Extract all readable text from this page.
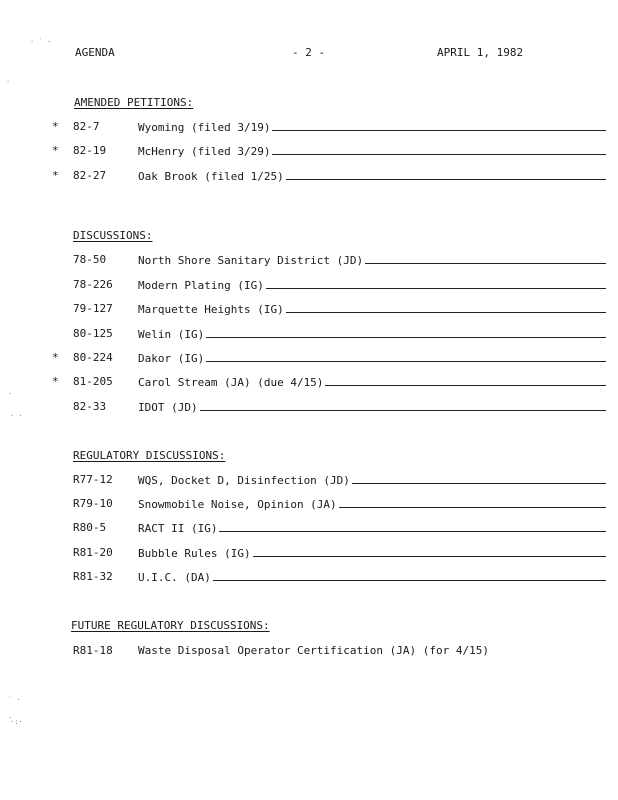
· ˙ ·
·
·
. .
˙ ·
.
·:·
AGENDA	- 2 -	APRIL 1, 1982
AMENDED PETITIONS:
* 82-7	Wyoming (filed 3/19)
* 82-19	McHenry (filed 3/29)
* 82-27	Oak Brook (filed 1/25)
DISCUSSIONS:
78-50	North Shore Sanitary District (JD)
78-226 Modern Plating (IG)
79-127 Marquette Heights (IG)
80-125 Welin (IG)
* 80-224 Dakor (IG)
* 81-205 Carol Stream (JA) (due 4/15)
82-33	IDOT (JD)
REGULATORY DISCUSSIONS:
R77-12 WQS, Docket D, Disinfection (JD)
R79-10 Snowmobile Noise, Opinion (JA)
R80-5	RACT II (IG)
R81-20 Bubble Rules (IG)
R81-32 U.I.C. (DA)
FUTURE REGULATORY DISCUSSIONS:
R81-18 Waste Disposal Operator Certification (JA) (for 4/15)
